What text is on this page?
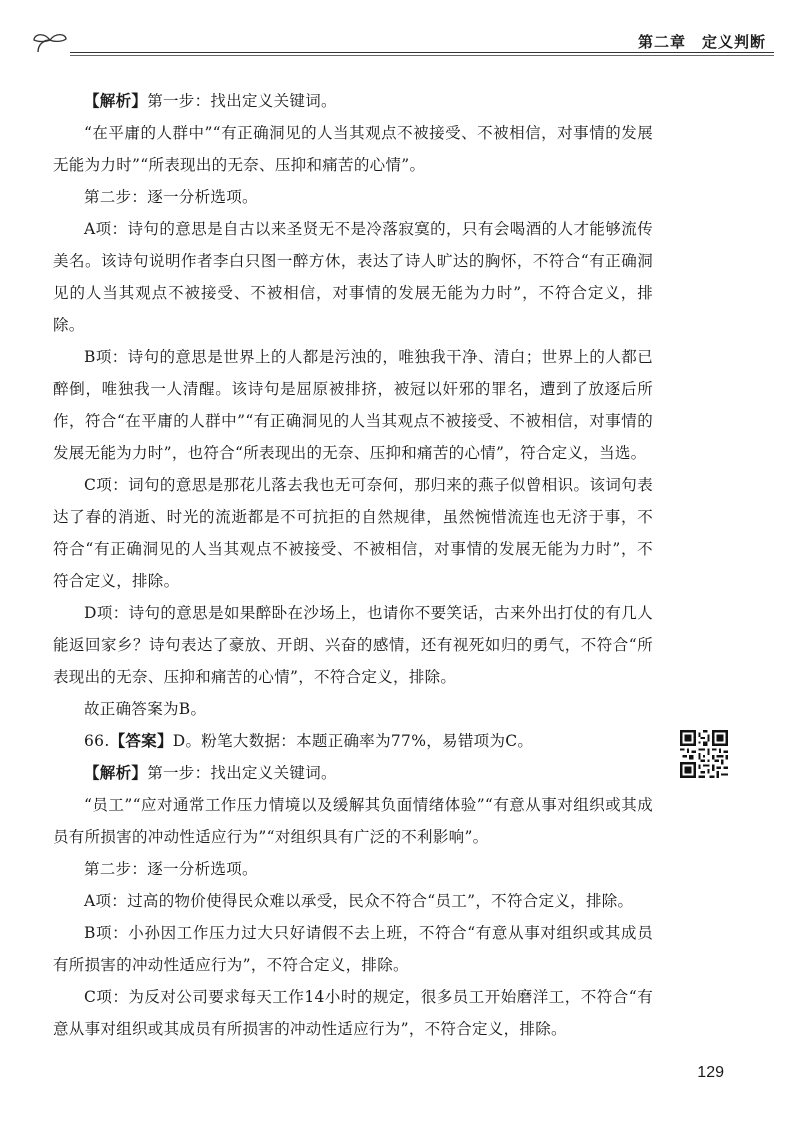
第二章　定义判断

【解析】第一步：找出定义关键词。

“在平庸的人群中”“有正确洞见的人当其观点不被接受、不被相信，对事情的发展无能为力时”“所表现出的无奈、压抑和痛苦的心情”。

第二步：逐一分析选项。

A项：诗句的意思是自古以来圣贤无不是冷落寂寞的，只有会喝酒的人才能够流传美名。该诗句说明作者李白只图一醉方休，表达了诗人旷达的胸怀，不符合“有正确洞见的人当其观点不被接受、不被相信，对事情的发展无能为力时”，不符合定义，排除。

B项：诗句的意思是世界上的人都是污浊的，唯独我干净、清白；世界上的人都已醉倒，唯独我一人清醒。该诗句是屈原被排挤，被冠以奸邪的罪名，遭到了放逐后所作，符合“在平庸的人群中”“有正确洞见的人当其观点不被接受、不被相信，对事情的发展无能为力时”，也符合“所表现出的无奈、压抑和痛苦的心情”，符合定义，当选。

C项：词句的意思是那花儿落去我也无可奈何，那归来的燕子似曾相识。该词句表达了春的消逝、时光的流逝都是不可抗拒的自然规律，虽然惋惜流连也无济于事，不符合“有正确洞见的人当其观点不被接受、不被相信，对事情的发展无能为力时”，不符合定义，排除。

D项：诗句的意思是如果醉卧在沙场上，也请你不要笑话，古来外出打仗的有几人能返回家乡？诗句表达了豪放、开朗、兴奋的感情，还有视死如归的勇气，不符合“所表现出的无奈、压抑和痛苦的心情”，不符合定义，排除。

故正确答案为B。

66.【答案】D。粉笔大数据：本题正确率为77%，易错项为C。

【解析】第一步：找出定义关键词。

“员工”“应对通常工作压力情境以及缓解其负面情绪体验”“有意从事对组织或其成员有所损害的冲动性适应行为”“对组织具有广泛的不利影响”。

第二步：逐一分析选项。

A项：过高的物价使得民众难以承受，民众不符合“员工”，不符合定义，排除。

B项：小孙因工作压力过大只好请假不去上班，不符合“有意从事对组织或其成员有所损害的冲动性适应行为”，不符合定义，排除。

C项：为反对公司要求每天工作14小时的规定，很多员工开始磨洋工，不符合“有意从事对组织或其成员有所损害的冲动性适应行为”，不符合定义，排除。

129
